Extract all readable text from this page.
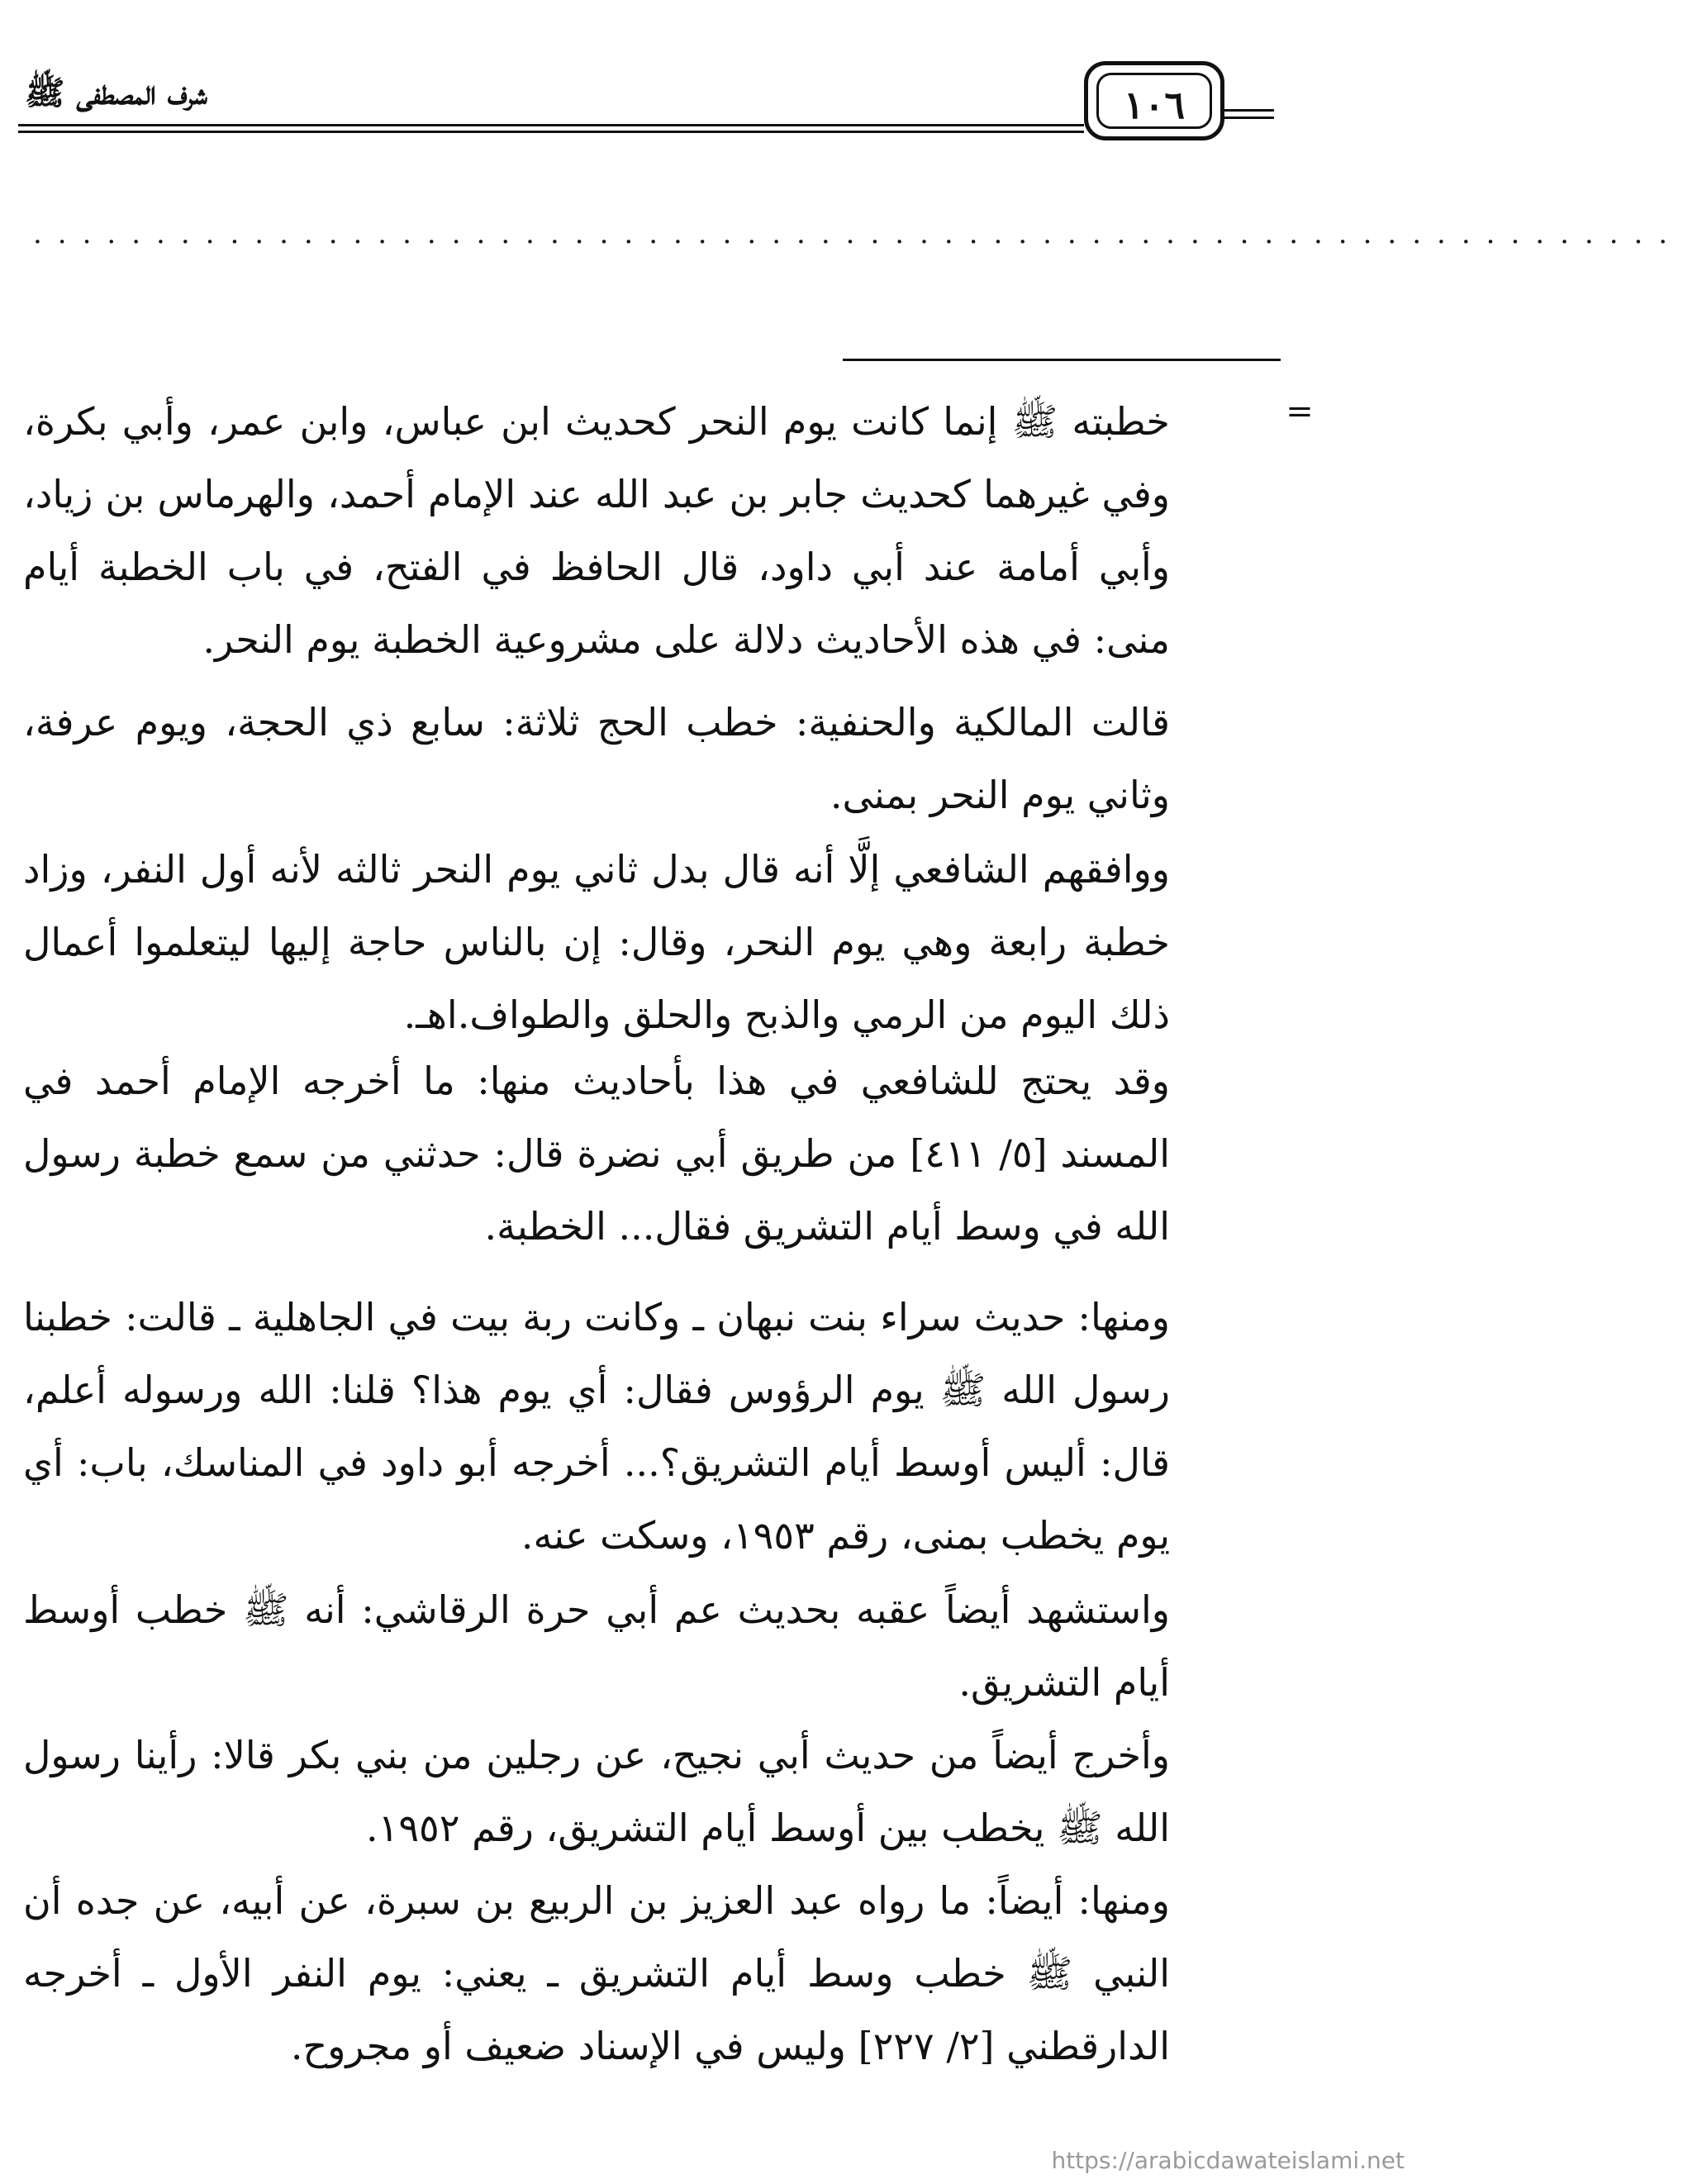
شرف المصطفى ﷺ	١٠٦
...................................................................
=

خطبته ﷺ إنما كانت يوم النحر كحديث ابن عباس، وابن عمر، وأبي بكرة، وفي غيرهما كحديث جابر بن عبد الله عند الإمام أحمد، والهرماس بن زياد، وأبي أمامة عند أبي داود، قال الحافظ في الفتح، في باب الخطبة أيام منى: في هذه الأحاديث دلالة على مشروعية الخطبة يوم النحر.

قالت المالكية والحنفية: خطب الحج ثلاثة: سابع ذي الحجة، ويوم عرفة، وثاني يوم النحر بمنى.

ووافقهم الشافعي إلَّا أنه قال بدل ثاني يوم النحر ثالثه لأنه أول النفر، وزاد خطبة رابعة وهي يوم النحر، وقال: إن بالناس حاجة إليها ليتعلموا أعمال ذلك اليوم من الرمي والذبح والحلق والطواف.اهـ.

وقد يحتج للشافعي في هذا بأحاديث منها: ما أخرجه الإمام أحمد في المسند [٥/ ٤١١] من طريق أبي نضرة قال: حدثني من سمع خطبة رسول الله في وسط أيام التشريق فقال... الخطبة.

ومنها: حديث سراء بنت نبهان ـ وكانت ربة بيت في الجاهلية ـ قالت: خطبنا رسول الله ﷺ يوم الرؤوس فقال: أي يوم هذا؟ قلنا: الله ورسوله أعلم، قال: أليس أوسط أيام التشريق؟... أخرجه أبو داود في المناسك، باب: أي يوم يخطب بمنى، رقم ١٩٥٣، وسكت عنه.

واستشهد أيضاً عقبه بحديث عم أبي حرة الرقاشي: أنه ﷺ خطب أوسط أيام التشريق.

وأخرج أيضاً من حديث أبي نجيح، عن رجلين من بني بكر قالا: رأينا رسول الله ﷺ يخطب بين أوسط أيام التشريق، رقم ١٩٥٢.

ومنها: أيضاً: ما رواه عبد العزيز بن الربيع بن سبرة، عن أبيه، عن جده أن النبي ﷺ خطب وسط أيام التشريق ـ يعني: يوم النفر الأول ـ أخرجه الدارقطني [٢/ ٢٢٧] وليس في الإسناد ضعيف أو مجروح.

https://arabicdawateislami.net
